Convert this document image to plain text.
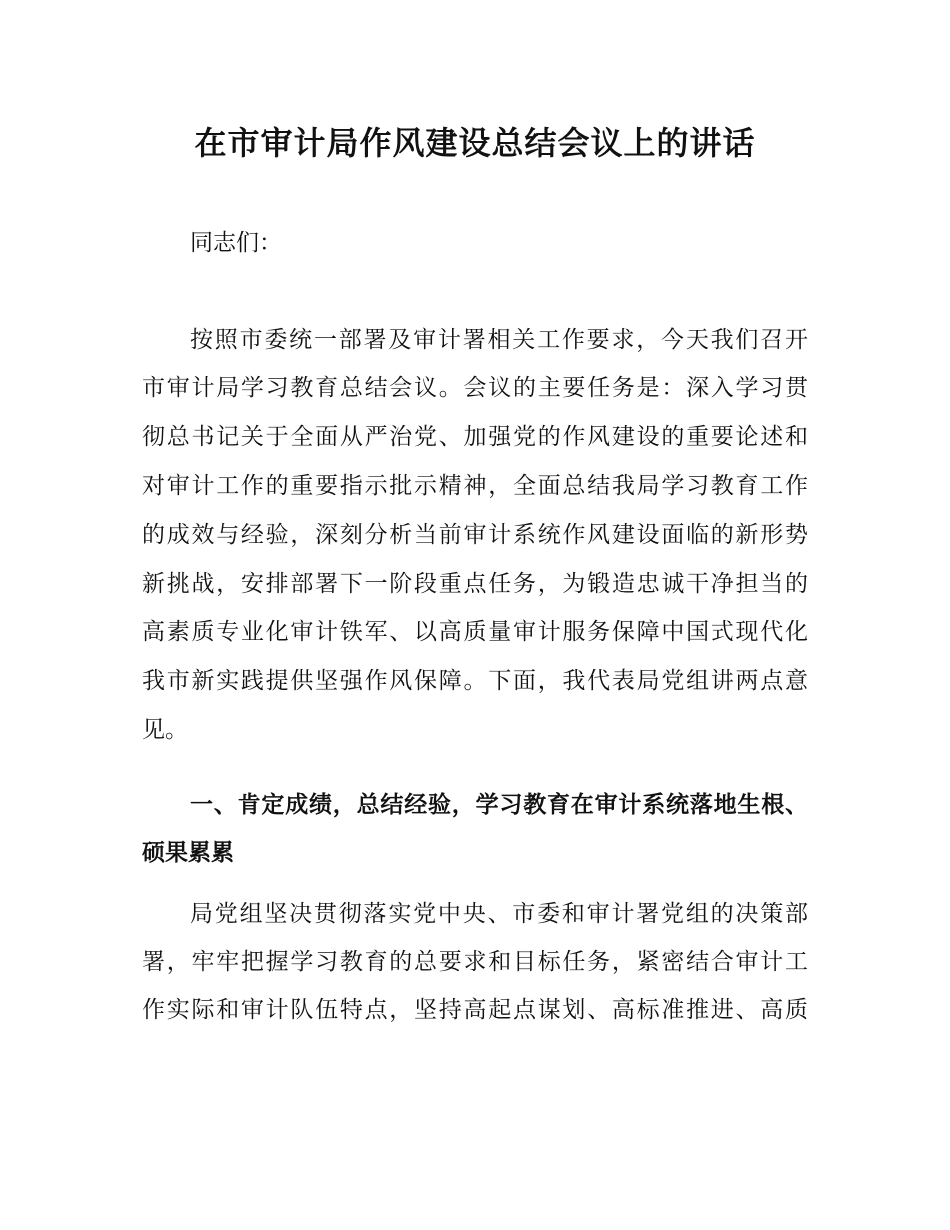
在市审计局作风建设总结会议上的讲话
同志们：
按照市委统一部署及审计署相关工作要求，今天我们召开
市审计局学习教育总结会议。会议的主要任务是：深入学习贯
彻总书记关于全面从严治党、加强党的作风建设的重要论述和
对审计工作的重要指示批示精神，全面总结我局学习教育工作
的成效与经验，深刻分析当前审计系统作风建设面临的新形势
新挑战，安排部署下一阶段重点任务，为锻造忠诚干净担当的
高素质专业化审计铁军、以高质量审计服务保障中国式现代化
我市新实践提供坚强作风保障。下面，我代表局党组讲两点意
见。
一、肯定成绩，总结经验，学习教育在审计系统落地生根、
硕果累累
局党组坚决贯彻落实党中央、市委和审计署党组的决策部
署，牢牢把握学习教育的总要求和目标任务，紧密结合审计工
作实际和审计队伍特点，坚持高起点谋划、高标准推进、高质
